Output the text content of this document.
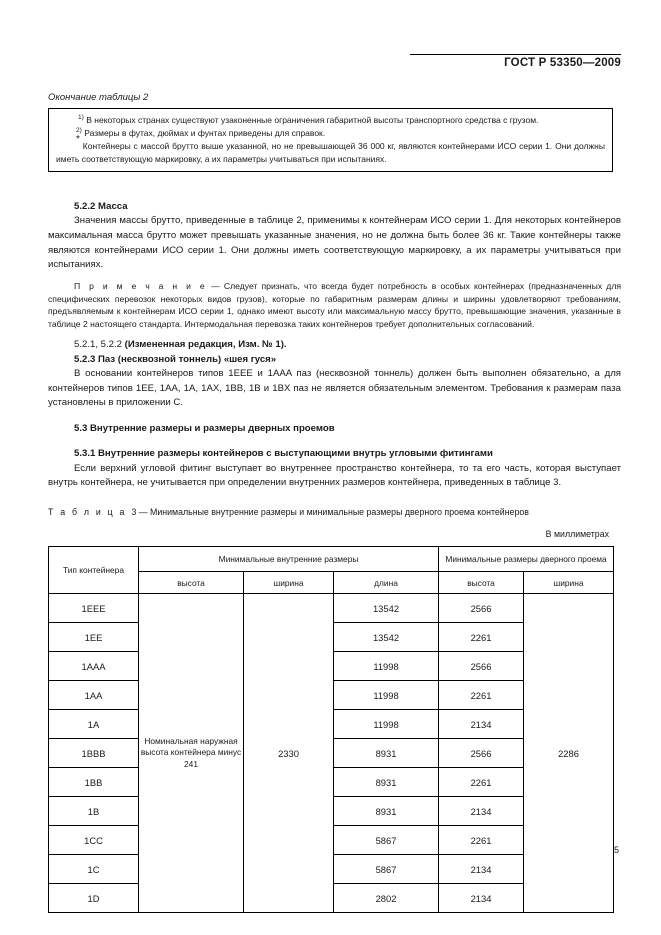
ГОСТ Р 53350—2009
Окончание таблицы 2

$^{1)}$ В некоторых странах существуют узаконенные ограничения габаритной высоты транспортного средства с грузом.

$^{2)}$ Размеры в футах, дюймах и фунтах приведены для справок.

* Контейнеры с массой брутто выше указанной, но не превышающей 36 000 кг, являются контейнерами ИСО серии 1. Они должны иметь соответствующую маркировку, а их параметры учитываться при испытаниях.

5.2.2 Масса

Значения массы брутто, приведенные в таблице 2, применимы к контейнерам ИСО серии 1. Для некоторых контейнеров максимальная масса брутто может превышать указанные значения, но не должна быть более 36 кг. Такие контейнеры также являются контейнерами ИСО серии 1. Они должны иметь соответствующую маркировку, а их параметры учитываться при испытаниях.

П р и м е ч а н и е — Следует признать, что всегда будет потребность в особых контейнерах (предназначенных для специфических перевозок некоторых видов грузов), которые по габаритным размерам длины и ширины удовлетворяют требованиям, предъявляемым к контейнерам ИСО серии 1, однако имеют высоту или максимальную массу брутто, превышающие значения, указанные в таблице 2 настоящего стандарта. Интермодальная перевозка таких контейнеров требует дополнительных согласований.

5.2.1, 5.2.2 (Измененная редакция, Изм. № 1).

5.2.3 Паз (несквозной тоннель) «шея гуся»

В основании контейнеров типов 1EEE и 1AAA паз (несквозной тоннель) должен быть выполнен обязательно, а для контейнеров типов 1EE, 1AA, 1A, 1AX, 1BB, 1B и 1BX паз не является обязательным элементом. Требования к размерам паза установлены в приложении С.

5.3 Внутренние размеры и размеры дверных проемов
5.3.1 Внутренние размеры контейнеров с выступающими внутрь угловыми фитингами

Если верхний угловой фитинг выступает во внутреннее пространство контейнера, то та его часть, которая выступает внутрь контейнера, не учитывается при определении внутренних размеров контейнера, приведенных в таблице 3.

Т а б л и ц а 3 — Минимальные внутренние размеры и минимальные размеры дверного проема контейнеров

В миллиметрах

Тип контейнера	Минимальные внутренние размеры			Минимальные размеры дверного проема	
	высота	ширина	длина	высота	ширина
1EEE	Номинальная наружная высота контейнера минус 241	2330	13542	2566	2286
1EE			13542	2261	
1AAA			11998	2566	
1AA			11998	2261	
1A			11998	2134	
1BBB			8931	2566	
1BB			8931	2261	
1B			8931	2134	
1CC			5867	2261	
1C			5867	2134	
1D			2802	2134	
5
